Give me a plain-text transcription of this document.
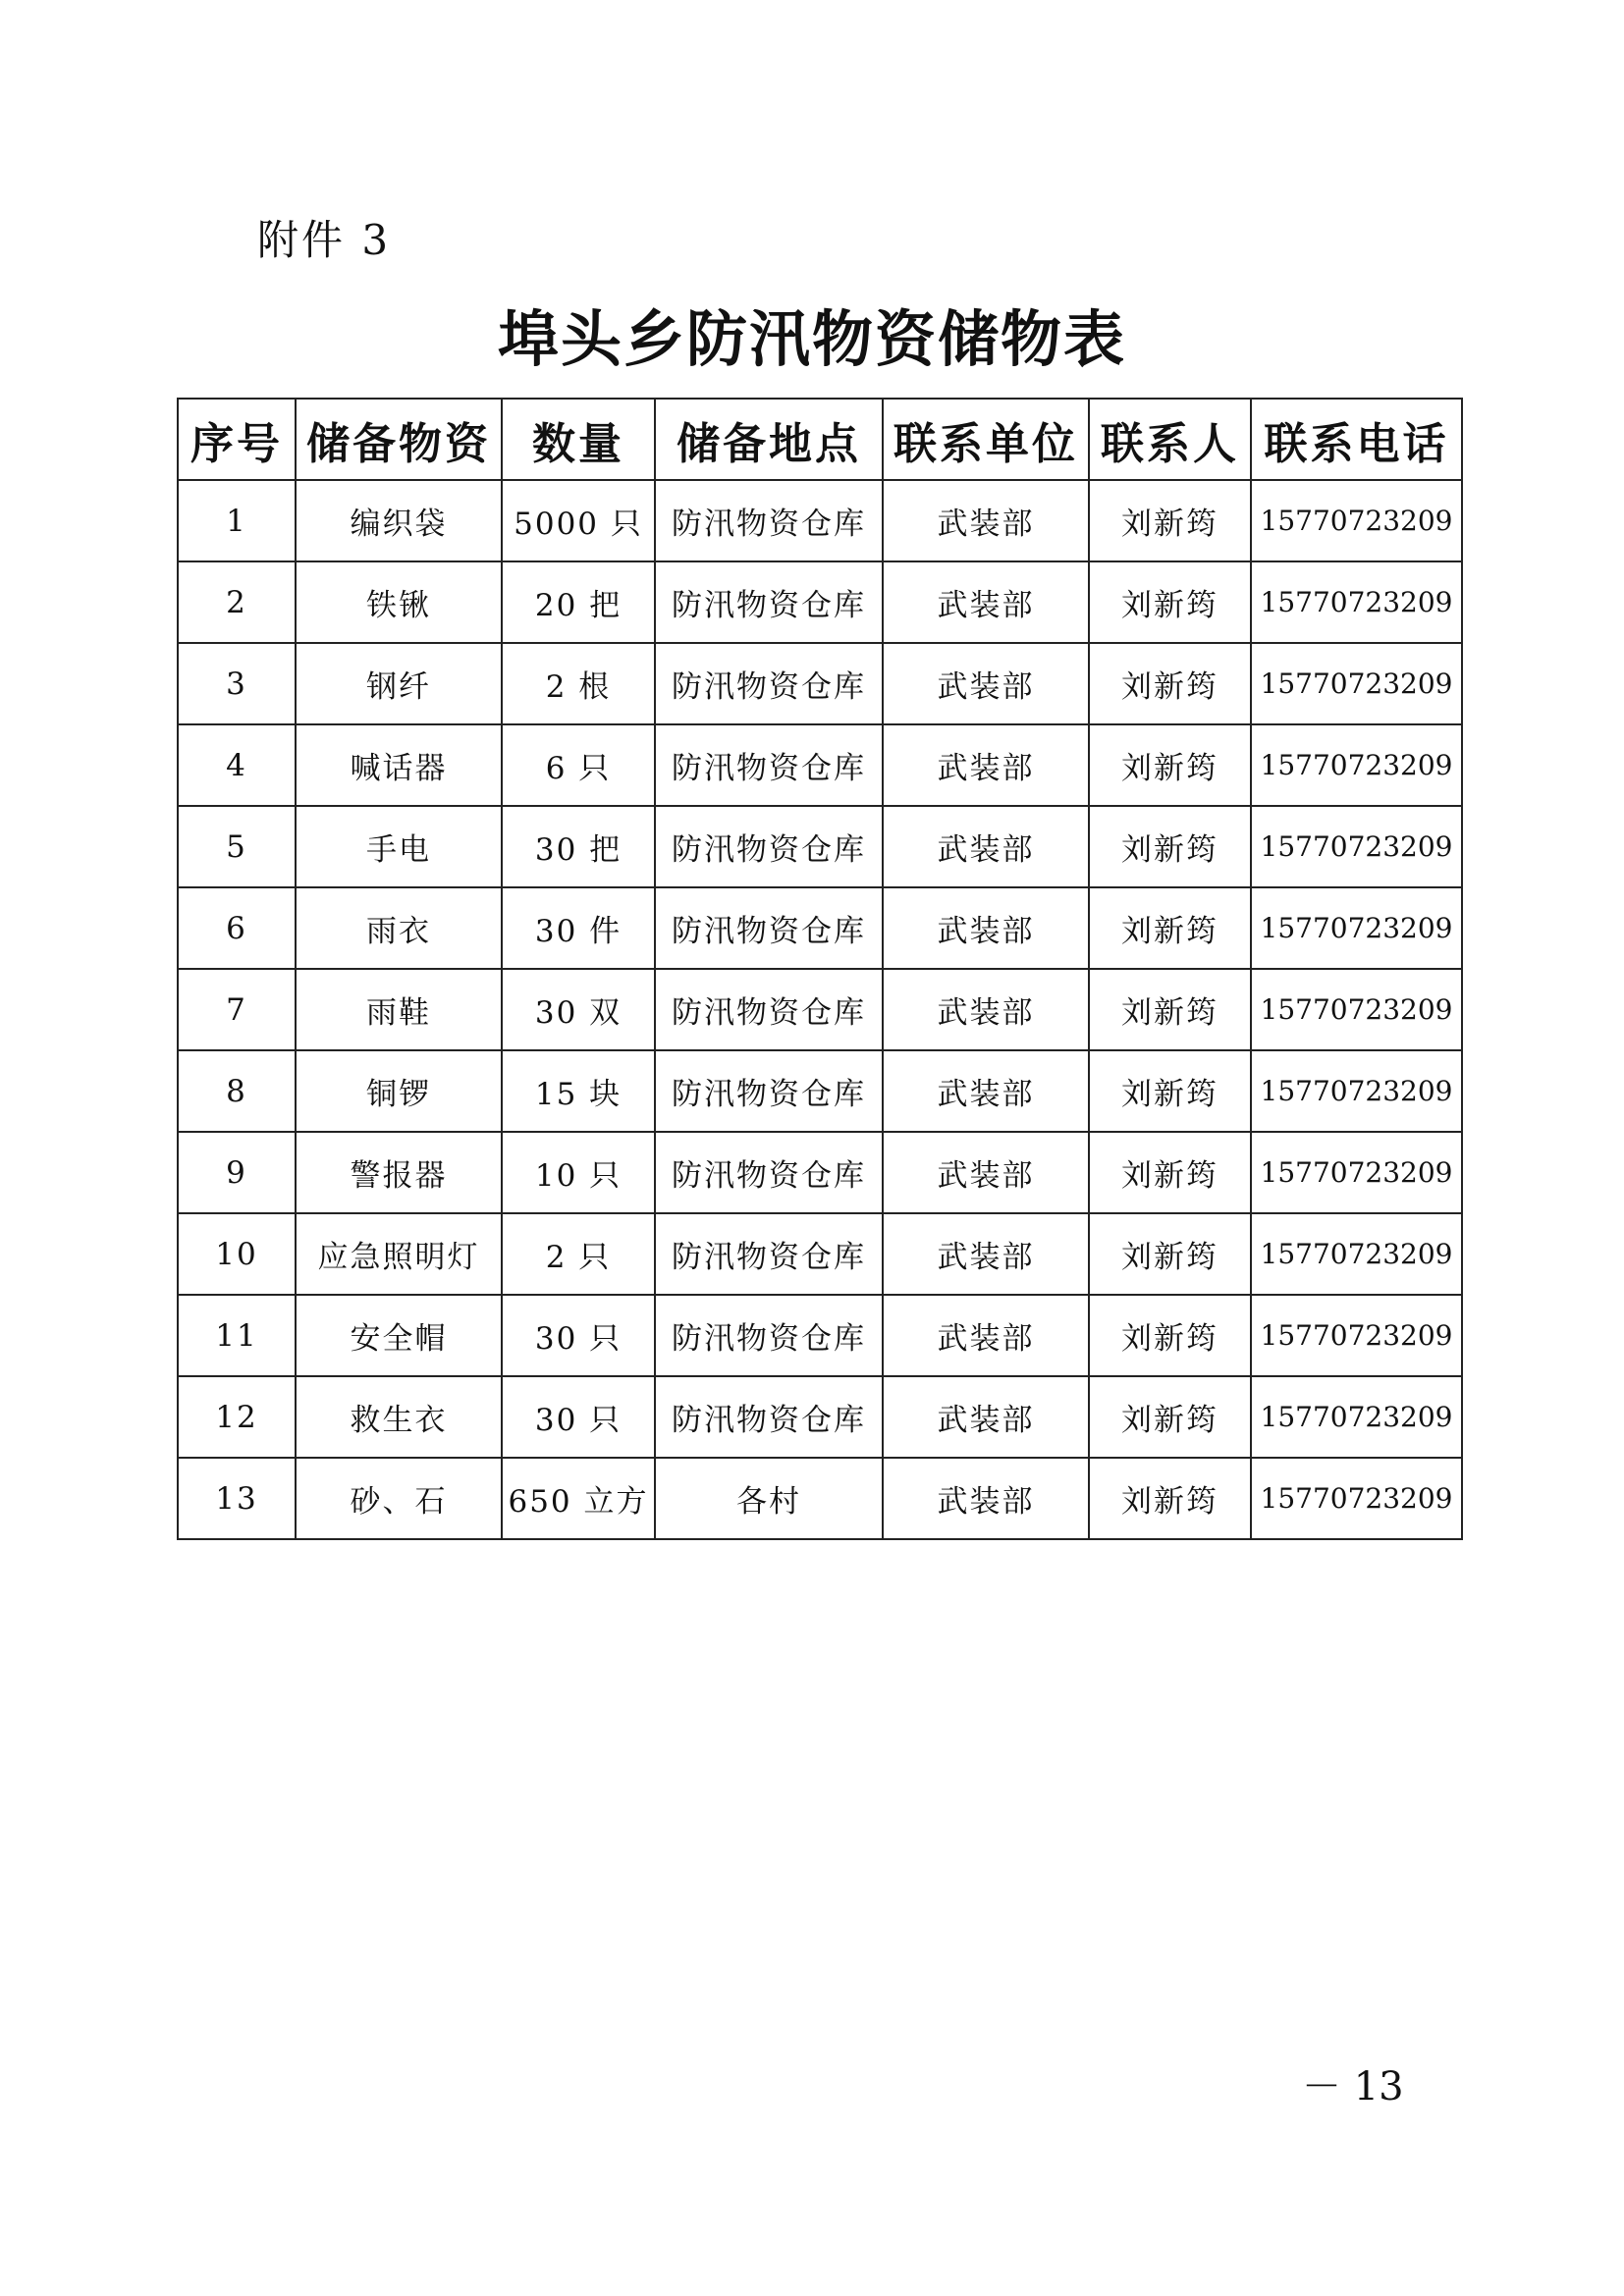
附件 3
埠头乡防汛物资储物表
序号	储备物资	数量	储备地点	联系单位	联系人	联系电话
1	编织袋	5000 只	防汛物资仓库	武装部	刘新筠	15770723209
2	铁锹	20 把	防汛物资仓库	武装部	刘新筠	15770723209
3	钢纤	2 根	防汛物资仓库	武装部	刘新筠	15770723209
4	喊话器	6 只	防汛物资仓库	武装部	刘新筠	15770723209
5	手电	30 把	防汛物资仓库	武装部	刘新筠	15770723209
6	雨衣	30 件	防汛物资仓库	武装部	刘新筠	15770723209
7	雨鞋	30 双	防汛物资仓库	武装部	刘新筠	15770723209
8	铜锣	15 块	防汛物资仓库	武装部	刘新筠	15770723209
9	警报器	10 只	防汛物资仓库	武装部	刘新筠	15770723209
10	应急照明灯	2 只	防汛物资仓库	武装部	刘新筠	15770723209
11	安全帽	30 只	防汛物资仓库	武装部	刘新筠	15770723209
12	救生衣	30 只	防汛物资仓库	武装部	刘新筠	15770723209
13	砂、石	650 立方	各村	武装部	刘新筠	15770723209
－ 13
